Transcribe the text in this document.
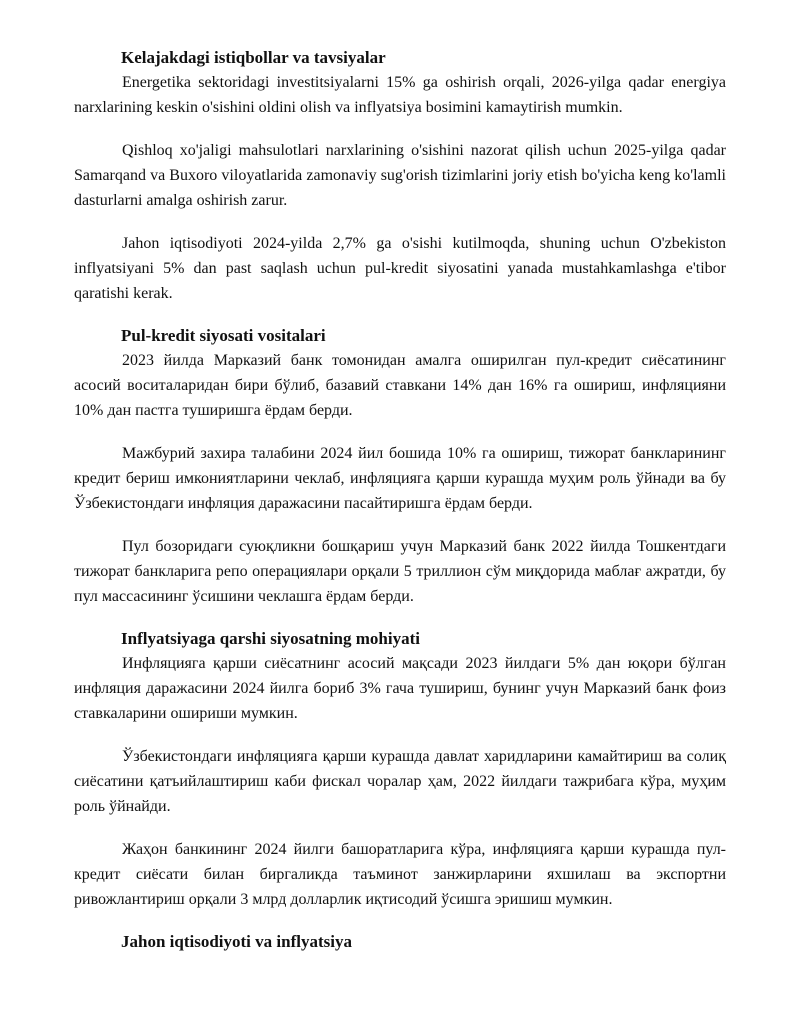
Kelajakdagi istiqbollar va tavsiyalar

Energetika sektoridagi investitsiyalarni 15% ga oshirish orqali, 2026-yilga qadar energiya narxlarining keskin o'sishini oldini olish va inflyatsiya bosimini kamaytirish mumkin.

Qishloq xo'jaligi mahsulotlari narxlarining o'sishini nazorat qilish uchun 2025-yilga qadar Samarqand va Buxoro viloyatlarida zamonaviy sug'orish tizimlarini joriy etish bo'yicha keng ko'lamli dasturlarni amalga oshirish zarur.

Jahon iqtisodiyoti 2024-yilda 2,7% ga o'sishi kutilmoqda, shuning uchun O'zbekiston inflyatsiyani 5% dan past saqlash uchun pul-kredit siyosatini yanada mustahkamlashga e'tibor qaratishi kerak.

Pul-kredit siyosati vositalari

2023 йилда Марказий банк томонидан амалга оширилган пул-кредит сиёсатининг асосий воситаларидан бири бўлиб, базавий ставкани 14% дан 16% га ошириш, инфляцияни 10% дан пастга туширишга ёрдам берди.

Мажбурий захира талабини 2024 йил бошида 10% га ошириш, тижорат банкларининг кредит бериш имкониятларини чеклаб, инфляцияга қарши курашда муҳим роль ўйнади ва бу Ўзбекистондаги инфляция даражасини пасайтиришга ёрдам берди.

Пул бозоридаги суюқликни бошқариш учун Марказий банк 2022 йилда Тошкентдаги тижорат банкларига репо операциялари орқали 5 триллион сўм миқдорида маблағ ажратди, бу пул массасининг ўсишини чеклашга ёрдам берди.

Inflyatsiyaga qarshi siyosatning mohiyati

Инфляцияга қарши сиёсатнинг асосий мақсади 2023 йилдаги 5% дан юқори бўлган инфляция даражасини 2024 йилга бориб 3% гача тушириш, бунинг учун Марказий банк фоиз ставкаларини ошириши мумкин.

Ўзбекистондаги инфляцияга қарши курашда давлат харидларини камайтириш ва солиқ сиёсатини қатъийлаштириш каби фискал чоралар ҳам, 2022 йилдаги тажрибага кўра, муҳим роль ўйнайди.

Жаҳон банкининг 2024 йилги башоратларига кўра, инфляцияга қарши курашда пул-кредит сиёсати билан биргаликда таъминот занжирларини яхшилаш ва экспортни ривожлантириш орқали 3 млрд долларлик иқтисодий ўсишга эришиш мумкин.

Jahon iqtisodiyoti va inflyatsiya
